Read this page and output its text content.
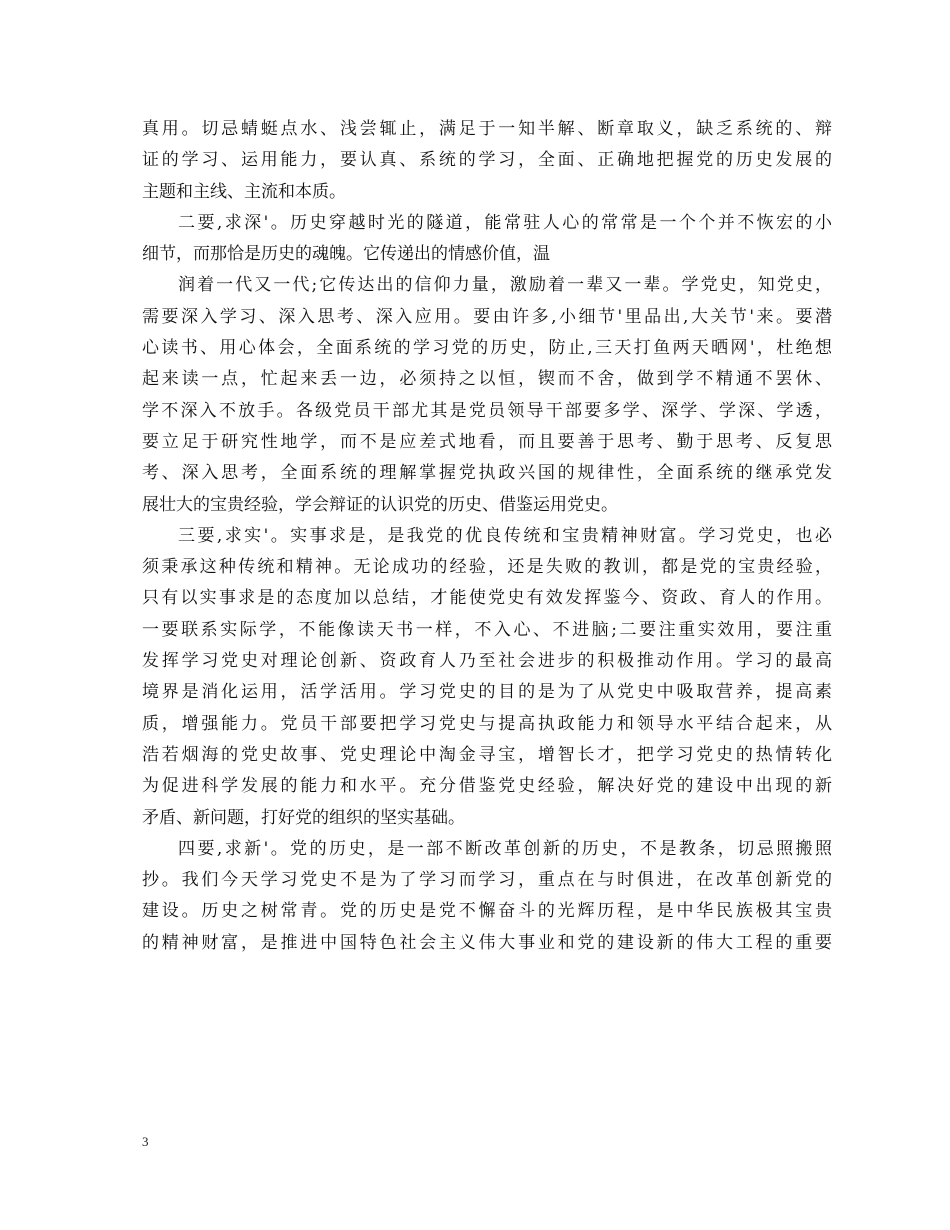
真用。切忌蜻蜓点水、浅尝辄止，满足于一知半解、断章取义，缺乏系统的、辩
证的学习、运用能力，要认真、系统的学习，全面、正确地把握党的历史发展的
主题和主线、主流和本质。
二要,求深'。历史穿越时光的隧道，能常驻人心的常常是一个个并不恢宏的小
细节，而那恰是历史的魂魄。它传递出的情感价值，温
润着一代又一代;它传达出的信仰力量，激励着一辈又一辈。学党史，知党史，
需要深入学习、深入思考、深入应用。要由许多,小细节'里品出,大关节'来。要潜
心读书、用心体会，全面系统的学习党的历史，防止,三天打鱼两天晒网'，杜绝想
起来读一点，忙起来丢一边，必须持之以恒，锲而不舍，做到学不精通不罢休、
学不深入不放手。各级党员干部尤其是党员领导干部要多学、深学、学深、学透，
要立足于研究性地学，而不是应差式地看，而且要善于思考、勤于思考、反复思
考、深入思考，全面系统的理解掌握党执政兴国的规律性，全面系统的继承党发
展壮大的宝贵经验，学会辩证的认识党的历史、借鉴运用党史。
三要,求实'。实事求是，是我党的优良传统和宝贵精神财富。学习党史，也必
须秉承这种传统和精神。无论成功的经验，还是失败的教训，都是党的宝贵经验，
只有以实事求是的态度加以总结，才能使党史有效发挥鉴今、资政、育人的作用。
一要联系实际学，不能像读天书一样，不入心、不进脑;二要注重实效用，要注重
发挥学习党史对理论创新、资政育人乃至社会进步的积极推动作用。学习的最高
境界是消化运用，活学活用。学习党史的目的是为了从党史中吸取营养，提高素
质，增强能力。党员干部要把学习党史与提高执政能力和领导水平结合起来，从
浩若烟海的党史故事、党史理论中淘金寻宝，增智长才，把学习党史的热情转化
为促进科学发展的能力和水平。充分借鉴党史经验，解决好党的建设中出现的新
矛盾、新问题，打好党的组织的坚实基础。
四要,求新'。党的历史，是一部不断改革创新的历史，不是教条，切忌照搬照
抄。我们今天学习党史不是为了学习而学习，重点在与时俱进，在改革创新党的
建设。历史之树常青。党的历史是党不懈奋斗的光辉历程，是中华民族极其宝贵
的精神财富，是推进中国特色社会主义伟大事业和党的建设新的伟大工程的重要
3
